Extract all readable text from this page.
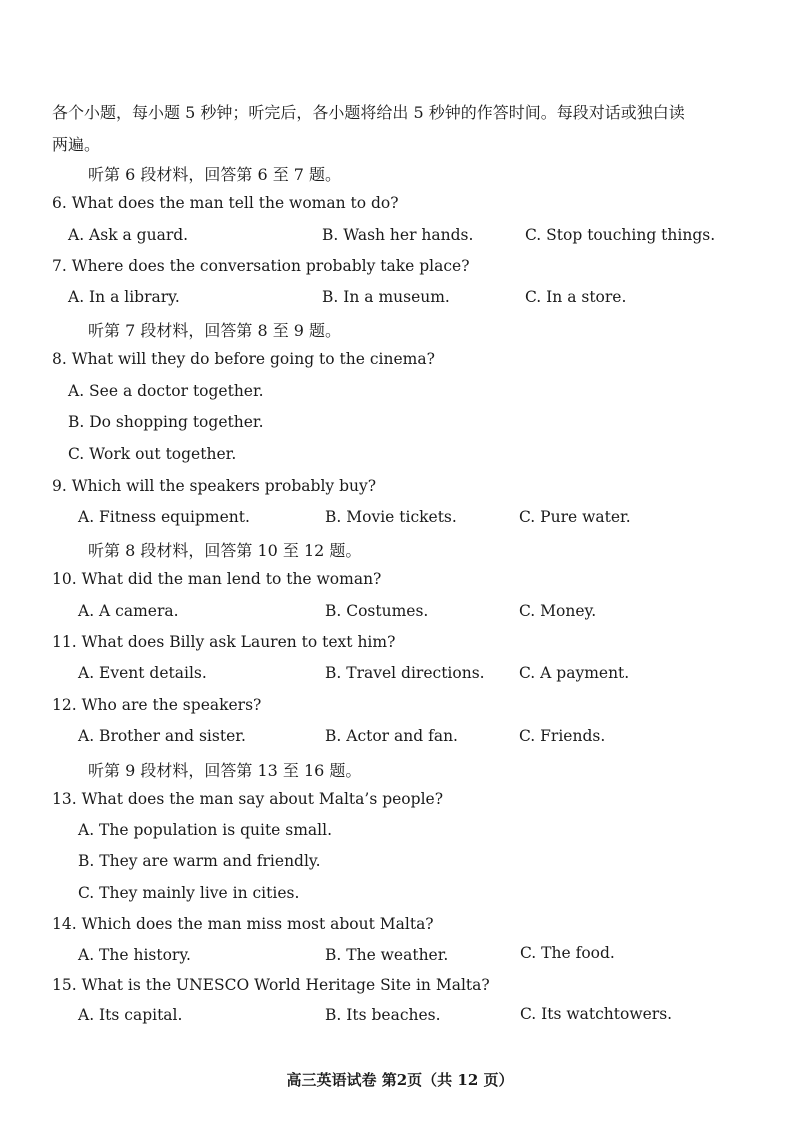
各个小题，每小题 5 秒钟；听完后，各小题将给出 5 秒钟的作答时间。每段对话或独白读
两遍。
听第 6 段材料，回答第 6 至 7 题。
6. What does the man tell the woman to do?
A. Ask a guard.	B. Wash her hands.	C. Stop touching things.
7. Where does the conversation probably take place?
A. In a library.	B. In a museum.	C. In a store.
听第 7 段材料，回答第 8 至 9 题。
8. What will they do before going to the cinema?
A. See a doctor together.
B. Do shopping together.
C. Work out together.
9. Which will the speakers probably buy?
A. Fitness equipment.	B. Movie tickets.	C. Pure water.
听第 8 段材料，回答第 10 至 12 题。
10. What did the man lend to the woman?
A. A camera.	B. Costumes.	C. Money.
11. What does Billy ask Lauren to text him?
A. Event details.	B. Travel directions. C. A payment.
12. Who are the speakers?
A. Brother and sister.	B. Actor and fan.	C. Friends.
听第 9 段材料，回答第 13 至 16 题。
13. What does the man say about Malta’s people?
A. The population is quite small.
B. They are warm and friendly.
C. They mainly live in cities.
14. Which does the man miss most about Malta?
A. The history.	B. The weather.	C. The food.
15. What is the UNESCO World Heritage Site in Malta?
A. Its capital.	B. Its beaches.	C. Its watchtowers.
高三英语试卷 第2页（共 12 页）
